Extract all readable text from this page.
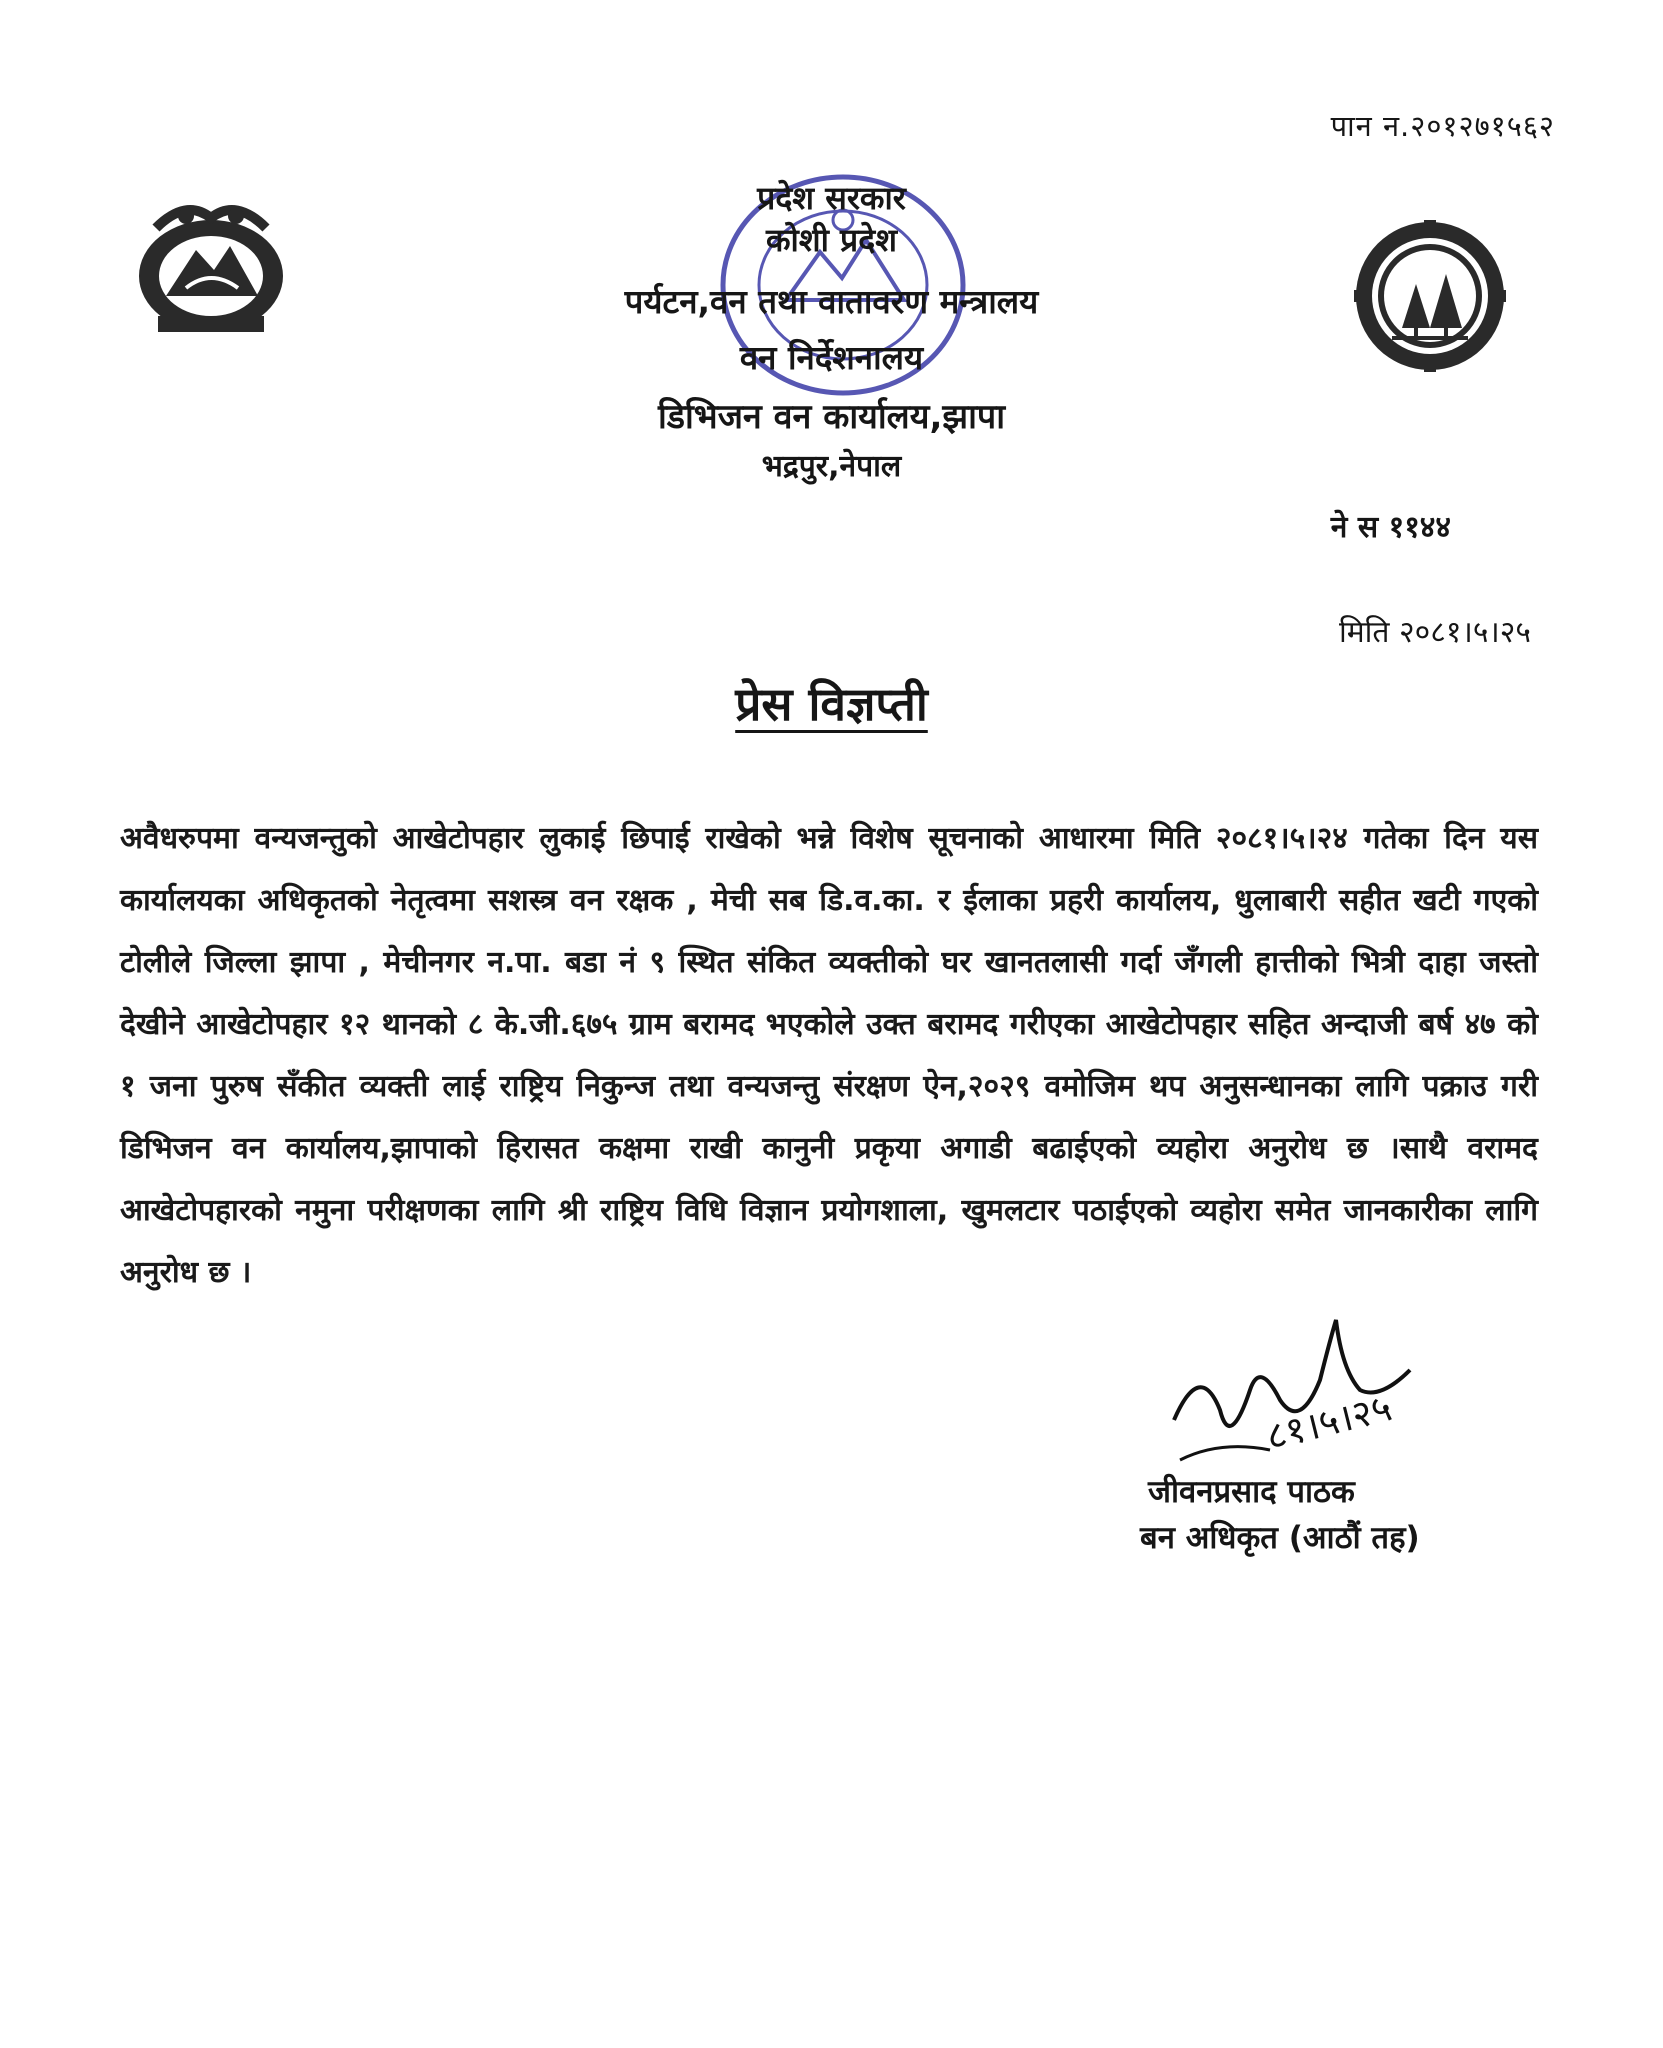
पान न.२०१२७१५६२
प्रदेश सरकार
कोशी प्रदेश
पर्यटन,वन तथा वातावरण मन्त्रालय
वन निर्देशनालय
डिभिजन वन कार्यालय,झापा
भद्रपुर,नेपाल
ने स ११४४
मिति २०८१।५।२५
प्रेस विज्ञप्ती
अवैधरुपमा वन्यजन्तुको आखेटोपहार लुकाई छिपाई राखेको भन्ने विशेष सूचनाको आधारमा मिति २०८१।५।२४ गतेका दिन यस कार्यालयका अधिकृतको नेतृत्वमा सशस्त्र वन रक्षक , मेची सब डि.व.का. र ईलाका प्रहरी कार्यालय, धुलाबारी सहीत खटी गएको टोलीले जिल्ला झापा , मेचीनगर न.पा. बडा नं ९ स्थित संकित व्यक्तीको घर खानतलासी गर्दा जँगली हात्तीको भित्री दाहा जस्तो देखीने आखेटोपहार १२ थानको ८ के.जी.६७५ ग्राम बरामद भएकोले उक्त बरामद गरीएका आखेटोपहार सहित अन्दाजी बर्ष ४७ को १ जना पुरुष सँकीत व्यक्ती लाई राष्ट्रिय निकुन्ज तथा वन्यजन्तु संरक्षण ऐन,२०२९ वमोजिम थप अनुसन्धानका लागि पक्राउ गरी डिभिजन वन कार्यालय,झापाको हिरासत कक्षमा राखी कानुनी प्रकृया अगाडी बढाईएको व्यहोरा अनुरोध छ ।साथै वरामद आखेटोपहारको नमुना परीक्षणका लागि श्री राष्ट्रिय विधि विज्ञान प्रयोगशाला, खुमलटार पठाईएको व्यहोरा समेत जानकारीका लागि अनुरोध छ ।
८१।५।२५
जीवनप्रसाद पाठक
बन अधिकृत (आठौं तह)
